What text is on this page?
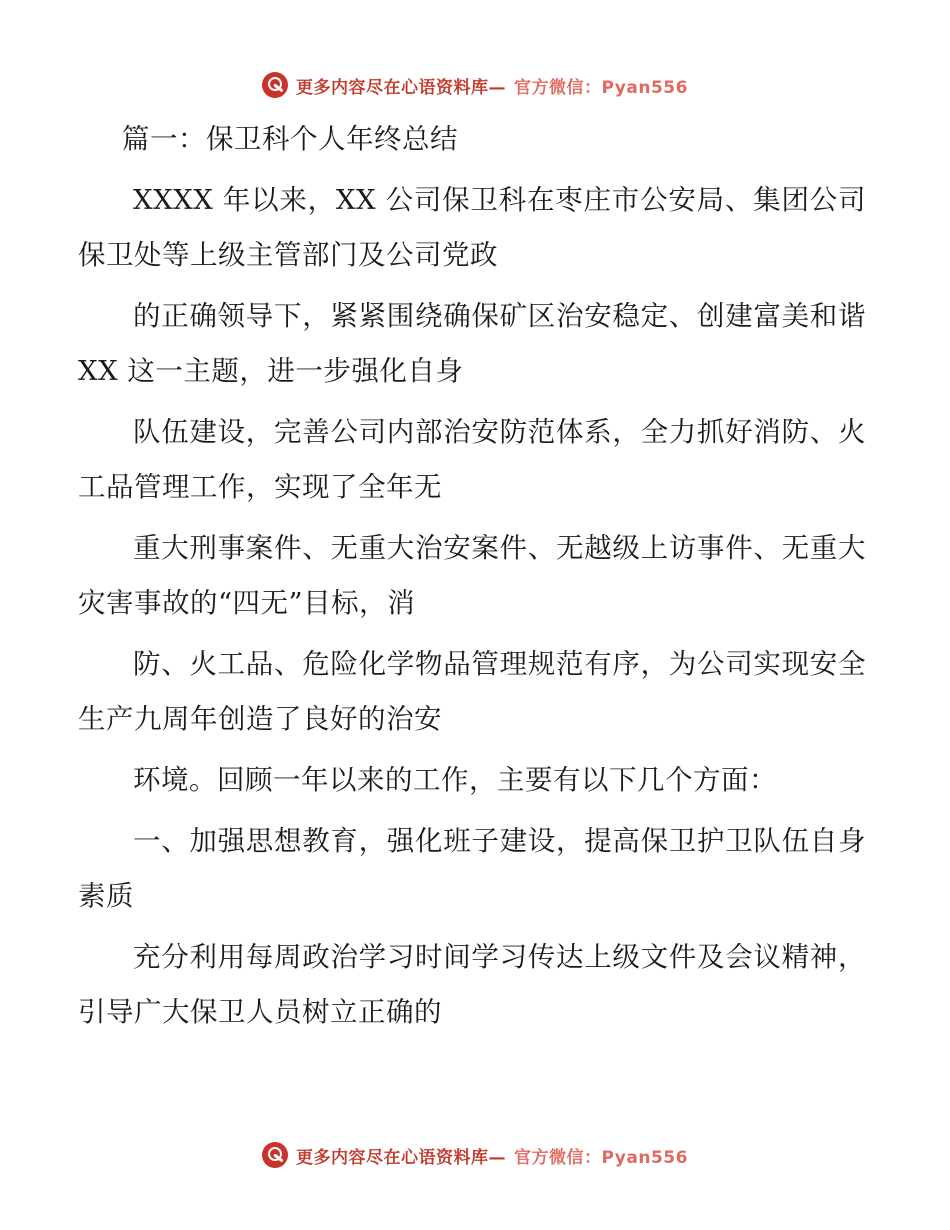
更多内容尽在心语资料库— 官方微信：Pyan556

篇一：保卫科个人年终总结

XXXX 年以来，XX 公司保卫科在枣庄市公安局、集团公司保卫处等上级主管部门及公司党政

的正确领导下，紧紧围绕确保矿区治安稳定、创建富美和谐 XX 这一主题，进一步强化自身

队伍建设，完善公司内部治安防范体系，全力抓好消防、火工品管理工作，实现了全年无

重大刑事案件、无重大治安案件、无越级上访事件、无重大灾害事故的“四无”目标，消

防、火工品、危险化学物品管理规范有序，为公司实现安全生产九周年创造了良好的治安

环境。回顾一年以来的工作，主要有以下几个方面：

一、加强思想教育，强化班子建设，提高保卫护卫队伍自身素质

充分利用每周政治学习时间学习传达上级文件及会议精神，引导广大保卫人员树立正确的

更多内容尽在心语资料库— 官方微信：Pyan556
